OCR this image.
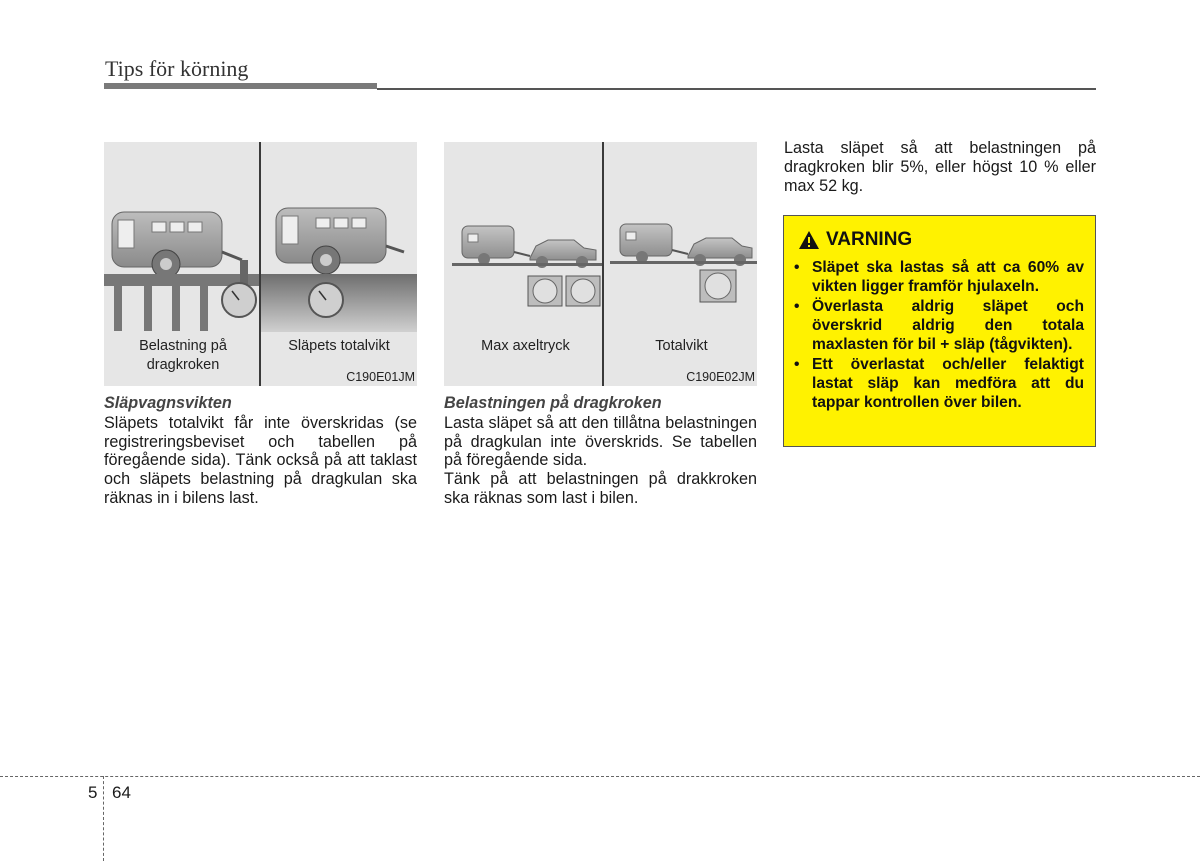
Tips för körning
Belastning på dragkroken
Släpets totalvikt
C190E01JM
Max axeltryck	Totalvikt
C190E02JM

Släpvagnsvikten

Släpets totalvikt får inte överskridas (se registreringsbeviset och tabellen på föregående sida). Tänk också på att taklast och släpets belastning på dragkulan ska räknas in i bilens last.

Belastningen på dragkroken

Lasta släpet så att den tillåtna belastningen på dragkulan inte överskrids. Se tabellen på föregående sida.

Tänk på att belastningen på drakkroken ska räknas som last i bilen.

Lasta släpet så att belastningen på dragkroken blir 5%, eller högst 10 % eller max 52 kg.

VARNING
• Släpet ska lastas så att ca 60% av vikten ligger framför hjulaxeln.
• Överlasta aldrig släpet och överskrid aldrig den totala maxlasten för bil + släp (tågvikten).
• Ett överlastat och/eller felaktigt lastat släp kan medföra att du tappar kontrollen över bilen.
5 64
